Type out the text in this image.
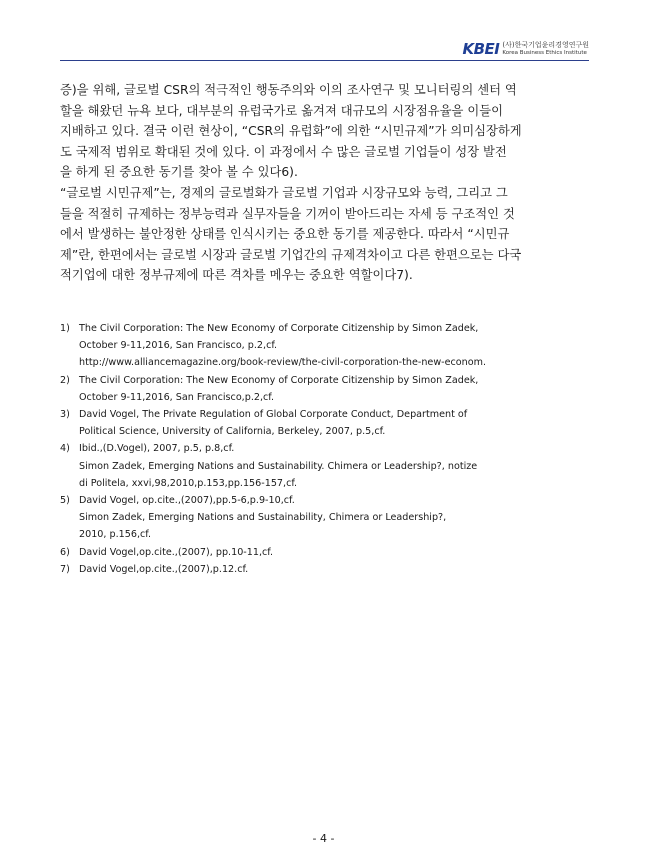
KBEI (사)한국기업윤리경영연구원
Korea Business Ethics Institute

증)을 위해, 글로벌 CSR의 적극적인 행동주의와 이의 조사연구 및 모니터링의 센터 역
할을 해왔던 뉴욕 보다, 대부분의 유럽국가로 옮겨져 대규모의 시장점유율을 이들이
지배하고 있다. 결국 이런 현상이, “CSR의 유럽화”에 의한 “시민규제”가 의미심장하게
도 국제적 범위로 확대된 것에 있다. 이 과정에서 수 많은 글로벌 기업들이 성장 발전
을 하게 된 중요한 동기를 찾아 볼 수 있다6).

“글로벌 시민규제”는, 경제의 글로벌화가 글로벌 기업과 시장규모와 능력, 그리고 그
들을 적절히 규제하는 정부능력과 실무자들을 기꺼이 받아드리는 자세 등 구조적인 것
에서 발생하는 불안정한 상태를 인식시키는 중요한 동기를 제공한다. 따라서 “시민규
제”란, 한편에서는 글로벌 시장과 글로벌 기업간의 규제격차이고 다른 한편으로는 다국
적기업에 대한 정부규제에 따른 격차를 메우는 중요한 역할이다7).

1) The Civil Corporation: The New Economy of Corporate Citizenship by Simon Zadek,
October 9-11,2016, San Francisco, p.2,cf.
http://www.alliancemagazine.org/book-review/the-civil-corporation-the-new-econom.
2) The Civil Corporation: The New Economy of Corporate Citizenship by Simon Zadek,
October 9-11,2016, San Francisco,p.2,cf.
3) David Vogel, The Private Regulation of Global Corporate Conduct, Department of
Political Science, University of California, Berkeley, 2007, p.5,cf.
4) Ibid.,(D.Vogel), 2007, p.5, p.8,cf.
Simon Zadek, Emerging Nations and Sustainability. Chimera or Leadership?, notize
di Politela, xxvi,98,2010,p.153,pp.156-157,cf.
5) David Vogel, op.cite.,(2007),pp.5-6,p.9-10,cf.
Simon Zadek, Emerging Nations and Sustainability, Chimera or Leadership?,
2010, p.156,cf.
6) David Vogel,op.cite.,(2007), pp.10-11,cf.
7) David Vogel,op.cite.,(2007),p.12.cf.
- 4 -
